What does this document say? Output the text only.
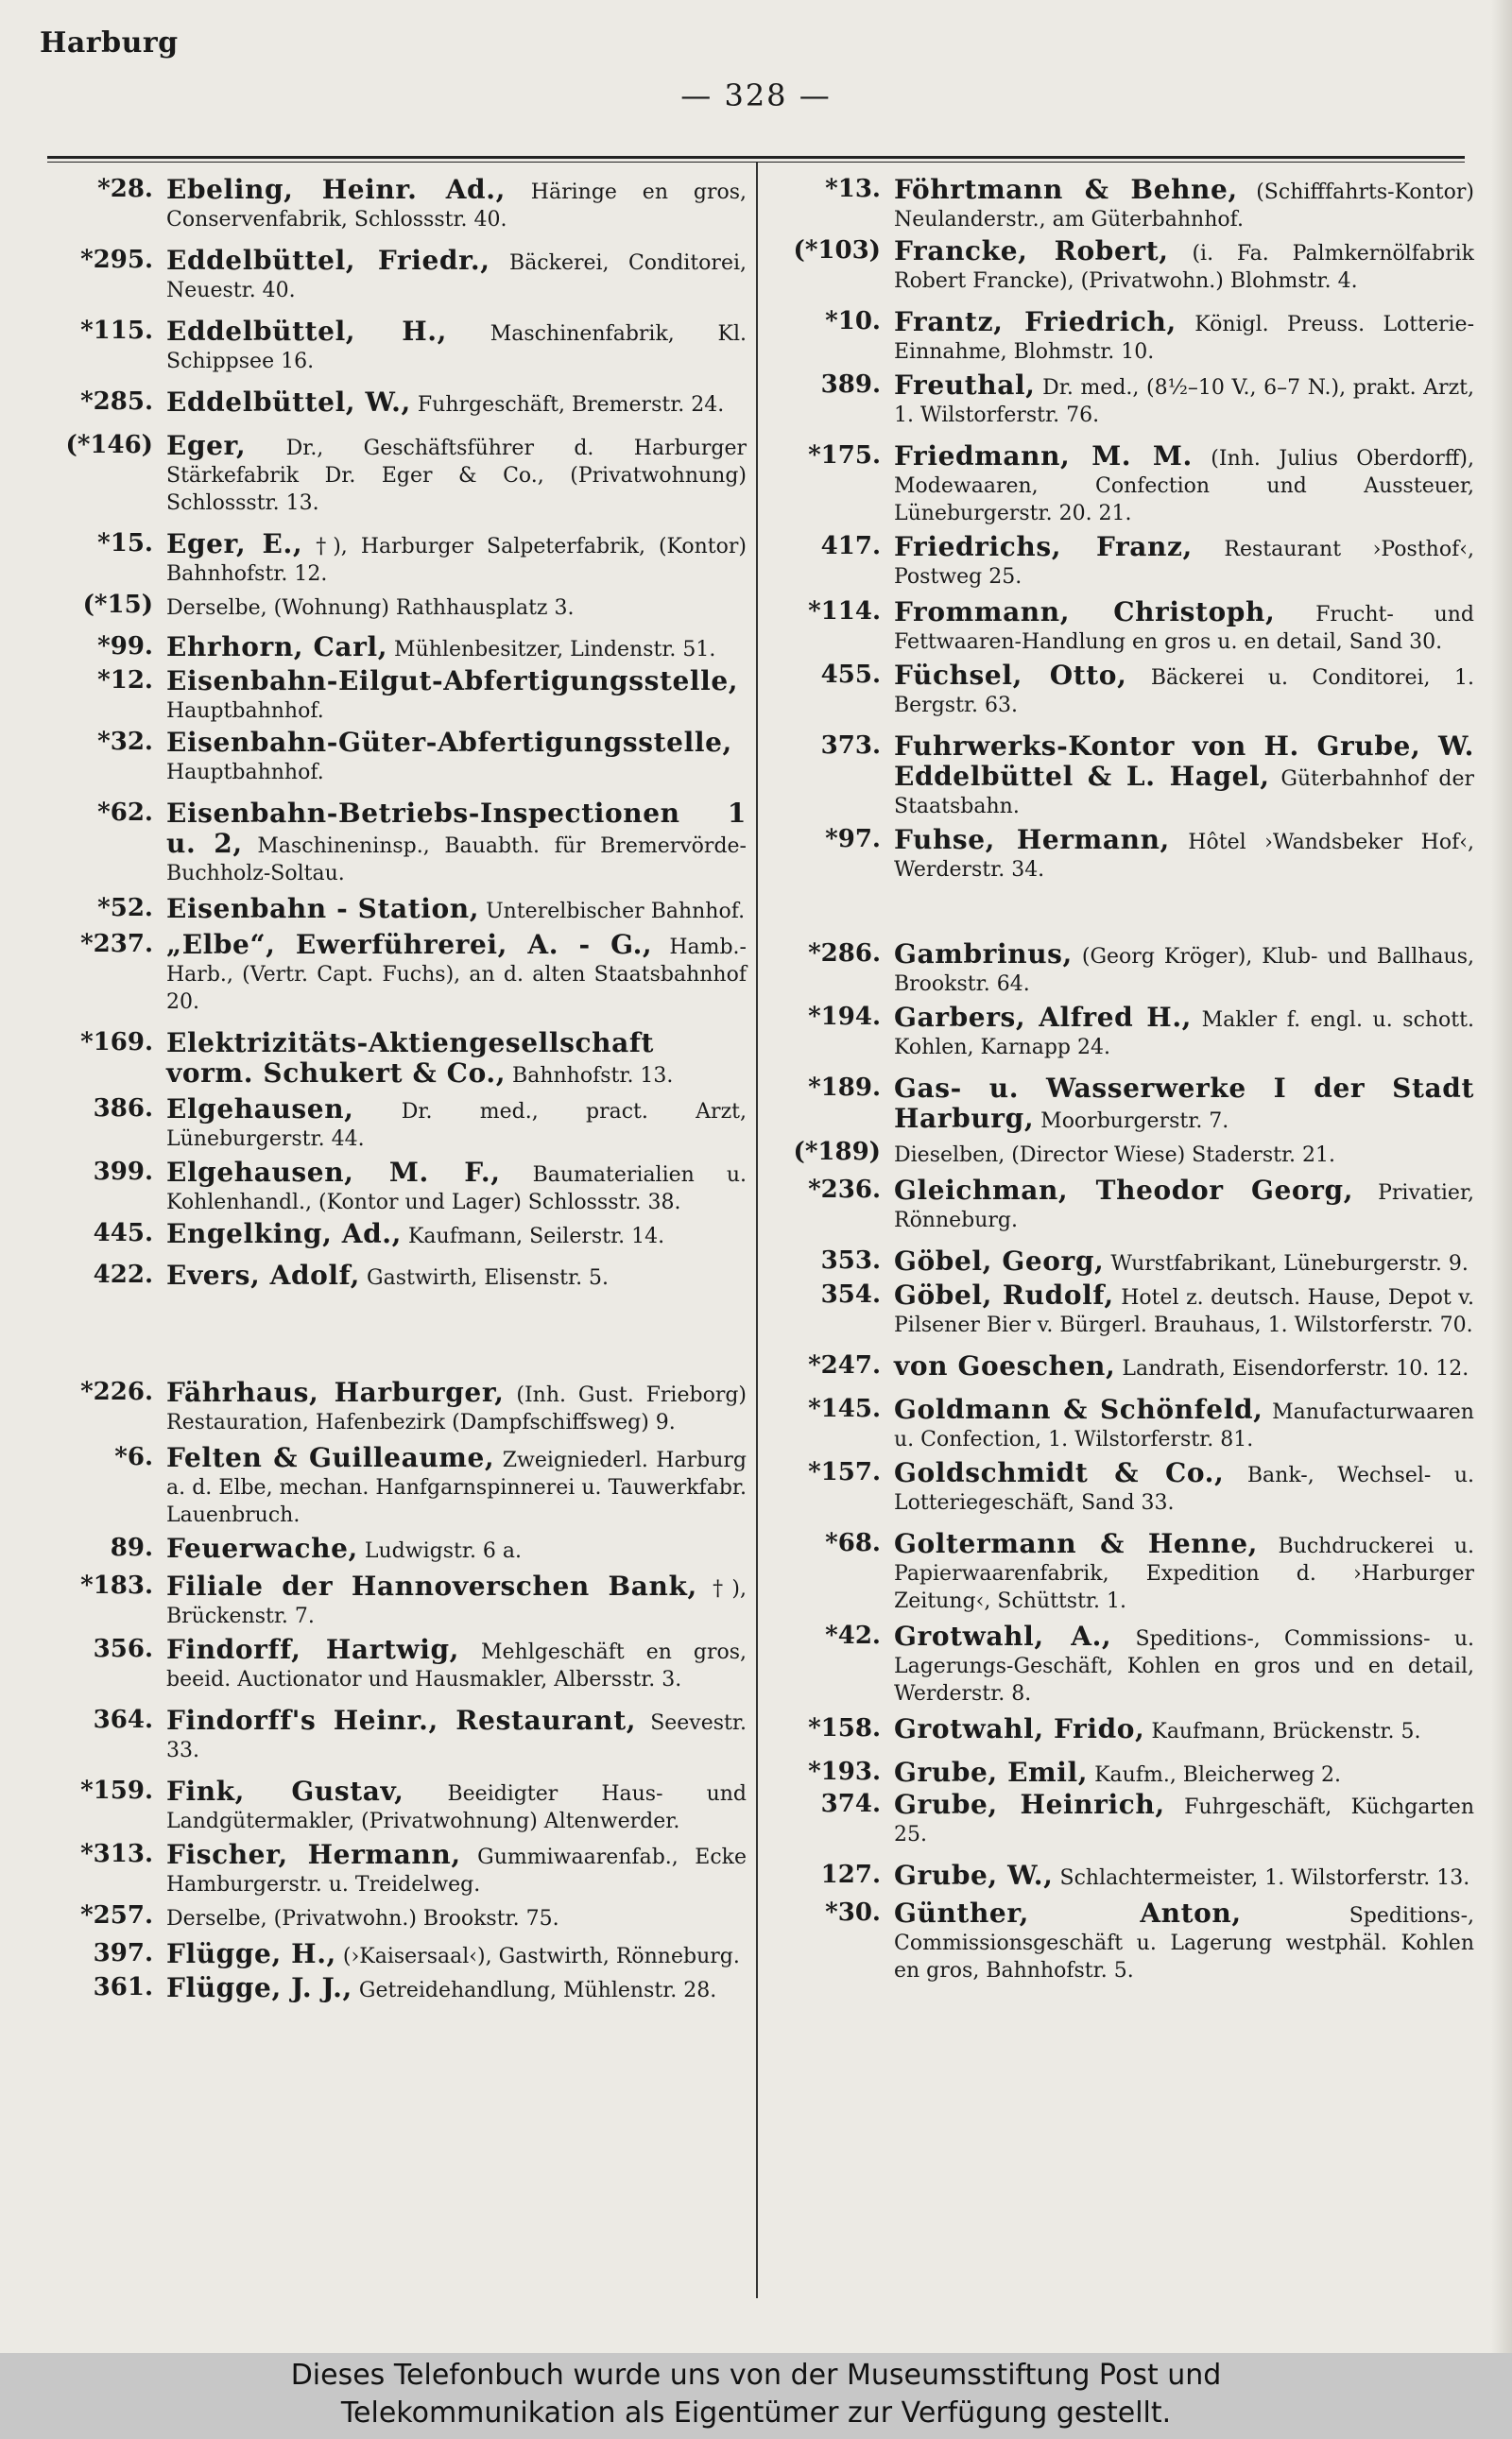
Harburg
— 328 —
*28. Ebeling, Heinr. Ad., Häringe en gros, Conservenfabrik, Schlossstr. 40.
*295. Eddelbüttel, Friedr., Bäckerei, Conditorei, Neuestr. 40.
*115. Eddelbüttel, H., Maschinenfabrik, Kl. Schippsee 16.
*285. Eddelbüttel, W., Fuhrgeschäft, Bremerstr. 24.
(*146) Eger, Dr., Geschäftsführer d. Harburger Stärkefabrik Dr. Eger & Co., (Privatwohnung) Schlossstr. 13.
*15. Eger, E., †), Harburger Salpeterfabrik, (Kontor) Bahnhofstr. 12.
(*15) Derselbe, (Wohnung) Rathhausplatz 3.
*99. Ehrhorn, Carl, Mühlenbesitzer, Lindenstr. 51.
*12. Eisenbahn-Eilgut-Abfertigungsstelle, Hauptbahnhof.
*32. Eisenbahn-Güter-Abfertigungsstelle, Hauptbahnhof.
*62. Eisenbahn-Betriebs-Inspectionen 1 u. 2, Maschineninsp., Bauabth. für Bremervörde-Buchholz-Soltau.
*52. Eisenbahn - Station, Unterelbischer Bahnhof.
*237. „Elbe“, Ewerführerei, A. - G., Hamb.-Harb., (Vertr. Capt. Fuchs), an d. alten Staatsbahnhof 20.
*169. Elektrizitäts-Aktiengesellschaft vorm. Schukert & Co., Bahnhofstr. 13.
386. Elgehausen, Dr. med., pract. Arzt, Lüneburgerstr. 44.
399. Elgehausen, M. F., Baumaterialien u. Kohlenhandl., (Kontor und Lager) Schlossstr. 38.
445. Engelking, Ad., Kaufmann, Seilerstr. 14.
422. Evers, Adolf, Gastwirth, Elisenstr. 5.
*226. Fährhaus, Harburger, (Inh. Gust. Frieborg) Restauration, Hafenbezirk (Dampfschiffsweg) 9.
*6. Felten & Guilleaume, Zweigniederl. Harburg a. d. Elbe, mechan. Hanfgarnspinnerei u. Tauwerkfabr. Lauenbruch.
89. Feuerwache, Ludwigstr. 6 a.
*183. Filiale der Hannoverschen Bank, †), Brückenstr. 7.
356. Findorff, Hartwig, Mehlgeschäft en gros, beeid. Auctionator und Hausmakler, Albersstr. 3.
364. Findorff's Heinr., Restaurant, Seevestr. 33.
*159. Fink, Gustav, Beeidigter Haus- und Landgütermakler, (Privatwohnung) Altenwerder.
*313. Fischer, Hermann, Gummiwaarenfab., Ecke Hamburgerstr. u. Treidelweg.
*257. Derselbe, (Privatwohn.) Brookstr. 75.
397. Flügge, H., (›Kaisersaal‹), Gastwirth, Rönneburg.
361. Flügge, J. J., Getreidehandlung, Mühlenstr. 28.
*13. Föhrtmann & Behne, (Schifffahrts-Kontor) Neulanderstr., am Güterbahnhof.
(*103) Francke, Robert, (i. Fa. Palmkernölfabrik Robert Francke), (Privatwohn.) Blohmstr. 4.
*10. Frantz, Friedrich, Königl. Preuss. Lotterie-Einnahme, Blohmstr. 10.
389. Freuthal, Dr. med., (8½–10 V., 6–7 N.), prakt. Arzt, 1. Wilstorferstr. 76.
*175. Friedmann, M. M. (Inh. Julius Oberdorff), Modewaaren, Confection und Aussteuer, Lüneburgerstr. 20. 21.
417. Friedrichs, Franz, Restaurant ›Posthof‹, Postweg 25.
*114. Frommann, Christoph, Frucht- und Fettwaaren-Handlung en gros u. en detail, Sand 30.
455. Füchsel, Otto, Bäckerei u. Conditorei, 1. Bergstr. 63.
373. Fuhrwerks-Kontor von H. Grube, W. Eddelbüttel & L. Hagel, Güterbahnhof der Staatsbahn.
*97. Fuhse, Hermann, Hôtel ›Wandsbeker Hof‹, Werderstr. 34.
*286. Gambrinus, (Georg Kröger), Klub- und Ballhaus, Brookstr. 64.
*194. Garbers, Alfred H., Makler f. engl. u. schott. Kohlen, Karnapp 24.
*189. Gas- u. Wasserwerke I der Stadt Harburg, Moorburgerstr. 7.
(*189) Dieselben, (Director Wiese) Staderstr. 21.
*236. Gleichman, Theodor Georg, Privatier, Rönneburg.
353. Göbel, Georg, Wurstfabrikant, Lüneburgerstr. 9.
354. Göbel, Rudolf, Hotel z. deutsch. Hause, Depot v. Pilsener Bier v. Bürgerl. Brauhaus, 1. Wilstorferstr. 70.
*247. von Goeschen, Landrath, Eisendorferstr. 10. 12.
*145. Goldmann & Schönfeld, Manufacturwaaren u. Confection, 1. Wilstorferstr. 81.
*157. Goldschmidt & Co., Bank-, Wechsel- u. Lotteriegeschäft, Sand 33.
*68. Goltermann & Henne, Buchdruckerei u. Papierwaarenfabrik, Expedition d. ›Harburger Zeitung‹, Schüttstr. 1.
*42. Grotwahl, A., Speditions-, Commissions- u. Lagerungs-Geschäft, Kohlen en gros und en detail, Werderstr. 8.
*158. Grotwahl, Frido, Kaufmann, Brückenstr. 5.
*193. Grube, Emil, Kaufm., Bleicherweg 2.
374. Grube, Heinrich, Fuhrgeschäft, Küchgarten 25.
127. Grube, W., Schlachtermeister, 1. Wilstorferstr. 13.
*30. Günther, Anton, Speditions-, Commissionsgeschäft u. Lagerung westphäl. Kohlen en gros, Bahnhofstr. 5.
Dieses Telefonbuch wurde uns von der Museumsstiftung Post und
Telekommunikation als Eigentümer zur Verfügung gestellt.
